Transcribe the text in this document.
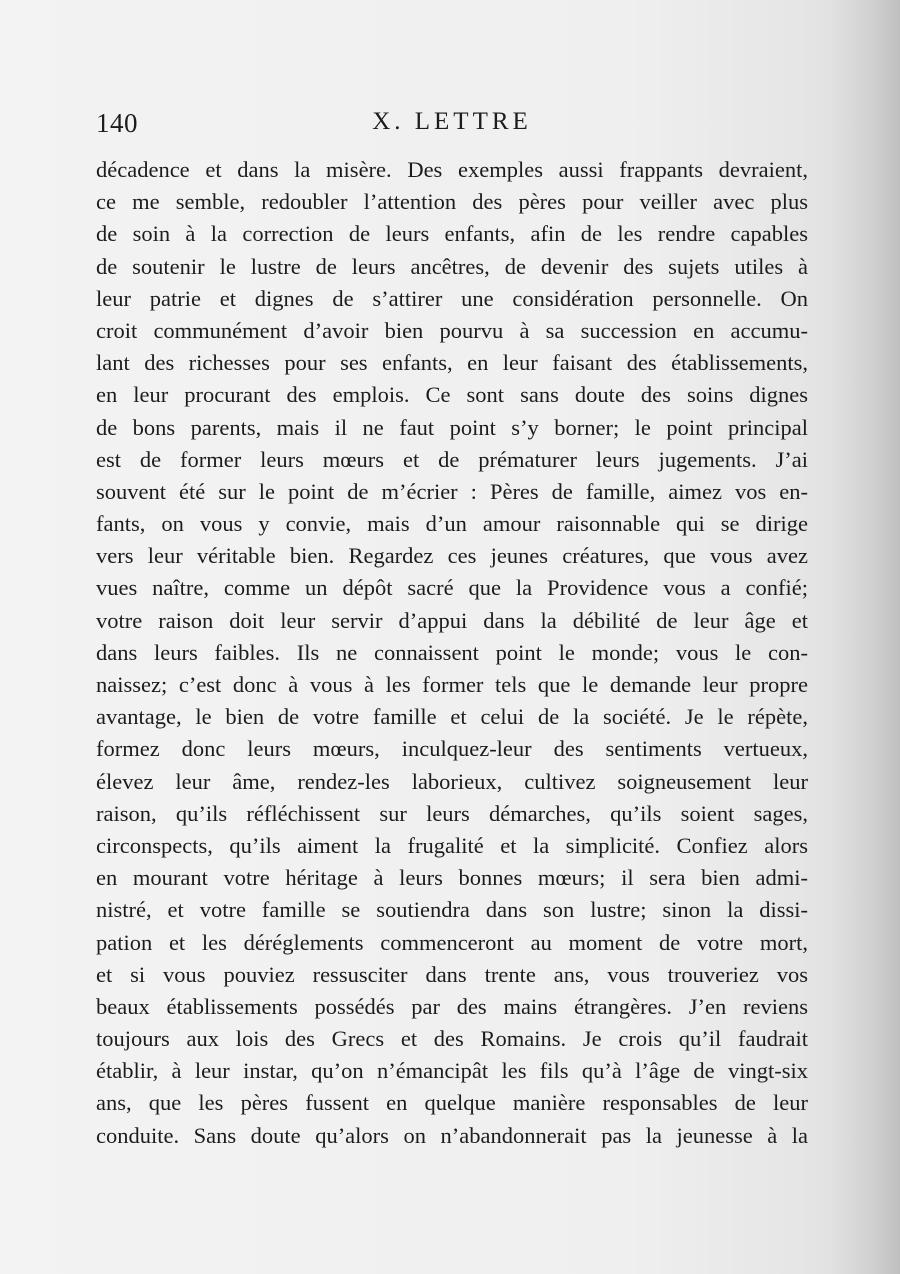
140	X. LETTRE
décadence et dans la misère. Des exemples aussi frappants devraient,
ce me semble, redoubler l’attention des pères pour veiller avec plus
de soin à la correction de leurs enfants, afin de les rendre capables
de soutenir le lustre de leurs ancêtres, de devenir des sujets utiles à
leur patrie et dignes de s’attirer une considération personnelle. On
croit communément d’avoir bien pourvu à sa succession en accumu-
lant des richesses pour ses enfants, en leur faisant des établissements,
en leur procurant des emplois. Ce sont sans doute des soins dignes
de bons parents, mais il ne faut point s’y borner; le point principal
est de former leurs mœurs et de prématurer leurs jugements. J’ai
souvent été sur le point de m’écrier : Pères de famille, aimez vos en-
fants, on vous y convie, mais d’un amour raisonnable qui se dirige
vers leur véritable bien. Regardez ces jeunes créatures, que vous avez
vues naître, comme un dépôt sacré que la Providence vous a confié;
votre raison doit leur servir d’appui dans la débilité de leur âge et
dans leurs faibles. Ils ne connaissent point le monde; vous le con-
naissez; c’est donc à vous à les former tels que le demande leur propre
avantage, le bien de votre famille et celui de la société. Je le répète,
formez donc leurs mœurs, inculquez-leur des sentiments vertueux,
élevez leur âme, rendez-les laborieux, cultivez soigneusement leur
raison, qu’ils réfléchissent sur leurs démarches, qu’ils soient sages,
circonspects, qu’ils aiment la frugalité et la simplicité. Confiez alors
en mourant votre héritage à leurs bonnes mœurs; il sera bien admi-
nistré, et votre famille se soutiendra dans son lustre; sinon la dissi-
pation et les déréglements commenceront au moment de votre mort,
et si vous pouviez ressusciter dans trente ans, vous trouveriez vos
beaux établissements possédés par des mains étrangères. J’en reviens
toujours aux lois des Grecs et des Romains. Je crois qu’il faudrait
établir, à leur instar, qu’on n’émancipât les fils qu’à l’âge de vingt-six
ans, que les pères fussent en quelque manière responsables de leur
conduite. Sans doute qu’alors on n’abandonnerait pas la jeunesse à la
